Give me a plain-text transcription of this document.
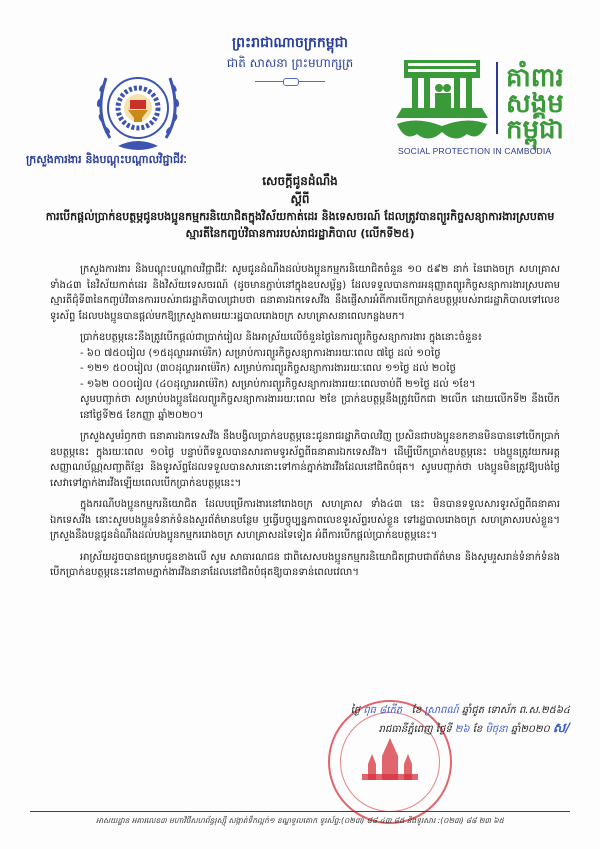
ព្រះរាជាណាចក្រកម្ពុជា
ជាតិ សាសនា ព្រះមហាក្សត្រ	គាំពារ
សង្គម
កម្ពុជា
SOCIAL PROTECTION IN CAMBODIA
ក្រសួងការងារ និងបណ្តុះបណ្តាលវិជ្ជាជីវៈ
សេចក្តីជូនដំណឹង
ស្តីពី
ការបើកផ្តល់ប្រាក់ឧបត្ថម្ភជូនបងប្អូនកម្មករនិយោជិតក្នុងវិស័យកាត់ដេរ និងទេសចរណ៍ ដែលត្រូវបានព្យួរកិច្ចសន្យាការងារស្របតាមស្មារតីនៃកញ្ចប់វិធានការរបស់រាជរដ្ឋាភិបាល (លើកទី២៥)

ក្រសួងការងារ និងបណ្តុះបណ្តាលវិជ្ជាជីវៈ សូមជូនដំណឹងដល់បងប្អូនកម្មករនិយោជិតចំនួន ១០ ៥៩២ នាក់ នៃរោងចក្រ សហគ្រាស ទាំង៤៣ នៃវិស័យកាត់ដេរ និងវិស័យទេសចរណ៍ (ដូចមានភ្ជាប់នៅក្នុងឧបសម្ព័ន្ធ) ដែលទទួលបានការអនុញ្ញាតព្យួរកិច្ចសន្យាការងារស្របតាមស្មារតីជុំទី៣នៃកញ្ចប់វិធានការរបស់រាជរដ្ឋាភិបាលជ្រាបថា ធនាគារឯកទេសវីង នឹងផ្ញើសារអំពីការបើកប្រាក់ឧបត្ថម្ភរបស់រាជរដ្ឋាភិបាលទៅលេខទូរស័ព្ទ ដែលបងប្អូនបានផ្តល់មកឱ្យក្រសួងតាមរយៈរដ្ឋបាលរោងចក្រ សហគ្រាសនាពេលកន្លងមក។

ប្រាក់ឧបត្ថម្ភនេះនឹងត្រូវបើកផ្តល់ជាប្រាក់រៀល និងអាស្រ័យលើចំនួនថ្ងៃនៃការព្យួរកិច្ចសន្យាការងារ ក្នុងនោះចំនួន៖

- ៦០ ៧៥០រៀល (១៥ដុល្លារអាម៉េរិក) សម្រាប់ការព្យួរកិច្ចសន្យាការងាររយៈពេល ៧ថ្ងៃ ដល់ ១០ថ្ងៃ
- ១២១ ៥០០រៀល (៣០ដុល្លារអាម៉េរិក) សម្រាប់ការព្យួរកិច្ចសន្យាការងាររយៈពេល ១១ថ្ងៃ ដល់ ២០ថ្ងៃ
- ១៦២ ០០០រៀល (៤០ដុល្លារអាម៉េរិក) សម្រាប់ការព្យួរកិច្ចសន្យាការងាររយៈពេលចាប់ពី ២១ថ្ងៃ ដល់ ១ខែ។

សូមបញ្ជាក់ថា សម្រាប់បងប្អូនដែលព្យួរកិច្ចសន្យាការងាររយៈពេល ២ខែ ប្រាក់ឧបត្ថម្ភនឹងត្រូវបើកជា ២លើក ដោយលើកទី២ នឹងបើកនៅថ្ងៃទី២៥ ខែកញ្ញា ឆ្នាំ២០២០។

ក្រសួងសូមរំឭកថា ធនាគារឯកទេសវីង នឹងបង្វិលប្រាក់ឧបត្ថម្ភនេះជូនរាជរដ្ឋាភិបាលវិញ ប្រសិនជាបងប្អូនខកខានមិនបានទៅបើកប្រាក់ឧបត្ថម្ភនេះ ក្នុងរយៈពេល ១០ថ្ងៃ បន្ទាប់ពីទទួលបានសារតាមទូរស័ព្ទពីធនាគារឯកទេសវីង។ ដើម្បីបើកប្រាក់ឧបត្ថម្ភនេះ បងប្អូនត្រូវយកអត្តសញ្ញាណប័ណ្ណសញ្ជាតិខ្មែរ និងទូរស័ព្ទដែលទទួលបានសារនោះទៅកាន់ភ្នាក់ងារវីងដែលនៅជិតបំផុត។ សូមបញ្ជាក់ថា បងប្អូនមិនត្រូវឱ្យបង់ថ្លៃសេវាទៅភ្នាក់ងារវីងឡើយពេលបើកប្រាក់ឧបត្ថម្ភនេះ។

ក្នុងករណីបងប្អូនកម្មករនិយោជិត ដែលបម្រើការងារនៅរោងចក្រ សហគ្រាស ទាំង៤៣ នេះ មិនបានទទួលសារទូរស័ព្ទពីធនាគារឯកទេសវីង នោះសូមបងប្អូនទំនាក់ទំនងសួរព័ត៌មានបន្ថែម ឬធ្វើបច្ចុប្បន្នភាពលេខទូរស័ព្ទរបស់ខ្លួន ទៅរដ្ឋបាលរោងចក្រ សហគ្រាសរបស់ខ្លួន។ ក្រសួងនឹងបន្តជូនដំណឹងដល់បងប្អូនកម្មកររោងចក្រ សហគ្រាសដទៃទៀត អំពីការបើកផ្តល់ប្រាក់ឧបត្ថម្ភនេះ។

អាស្រ័យដូចបានជម្រាបជូនខាងលើ សូម សាធារណជន ជាពិសេសបងប្អូនកម្មករនិយោជិតជ្រាបជាព័ត៌មាន និងសូមរួសរាន់ទំនាក់ទំនងបើកប្រាក់ឧបត្ថម្ភនេះនៅតាមភ្នាក់ងារវីងនានាដែលនៅជិតបំផុតឱ្យបានទាន់ពេលវេលា។

ថ្ងៃ ពុធ ៨កើត   ខែ ស្រាពណ៍ ឆ្នាំជូត ទោស័ក ព.ស.២៥៦៤
រាជធានីភ្នំពេញ ថ្ងៃទី ២៦ ខែ មិថុនា ឆ្នាំ២០២០ ស/
អាសយដ្ឋាន អគារលេខ៣ មហាវិថីសហព័ន្ធរុស្ស៊ី សង្កាត់ទឹកល្អក់១ ខណ្ឌទួលគោក ទូរស័ព្ទ:(០២៣) ៨៨ ៤៣ ៨៥ និងទូរសារ :(០២៣) ៨៨ ២៣ ៦៥
